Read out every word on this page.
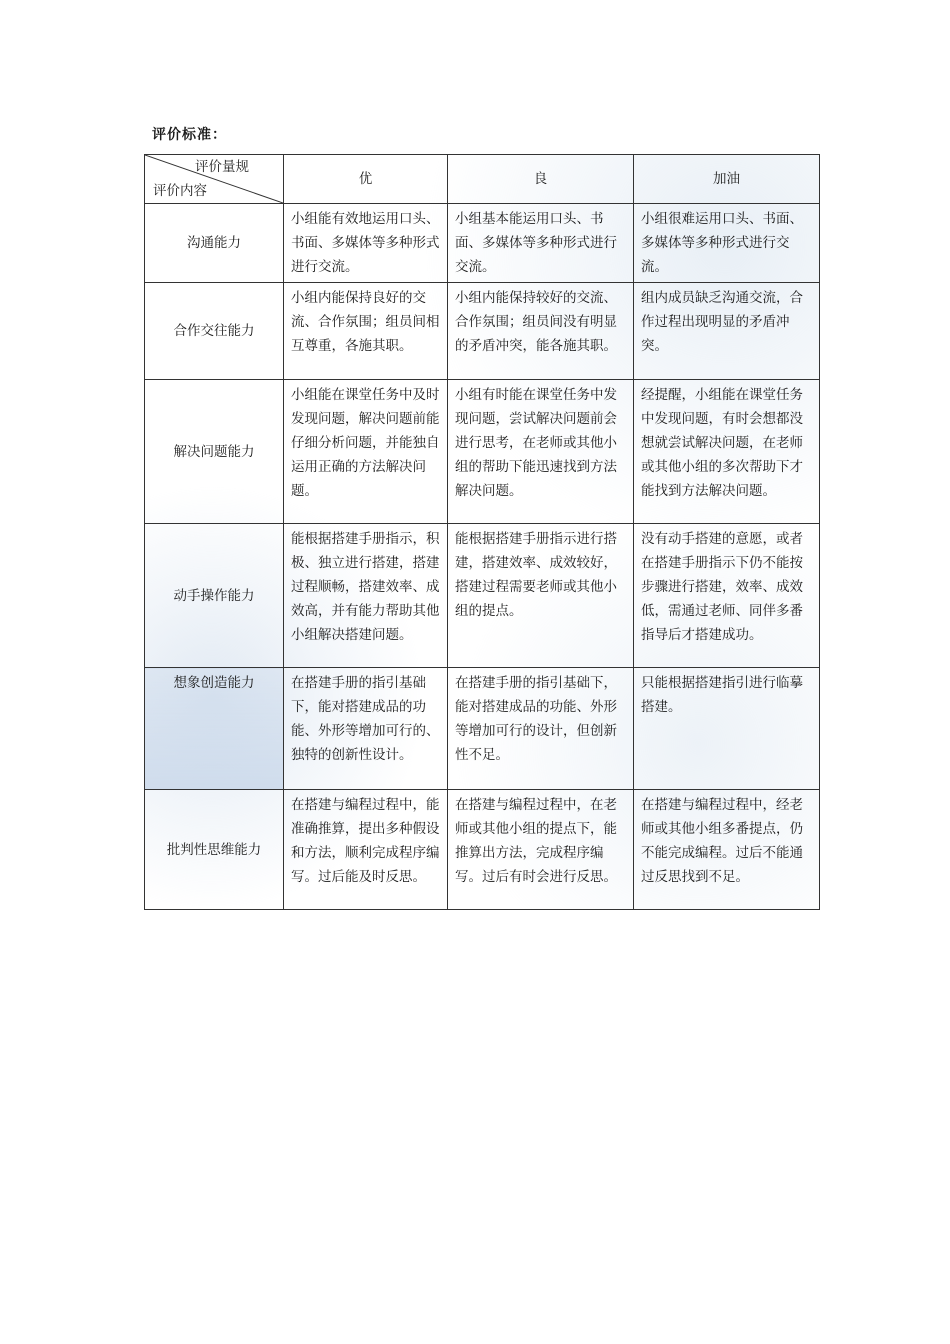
评价标准：
评价量规
评价内容	优	良	加油
沟通能力	小组能有效地运用口头、书面、多媒体等多种形式进行交流。	小组基本能运用口头、书面、多媒体等多种形式进行交流。	小组很难运用口头、书面、多媒体等多种形式进行交流。
合作交往能力	小组内能保持良好的交流、合作氛围；组员间相互尊重，各施其职。	小组内能保持较好的交流、合作氛围；组员间没有明显的矛盾冲突，能各施其职。	组内成员缺乏沟通交流，合作过程出现明显的矛盾冲突。
解决问题能力	小组能在课堂任务中及时发现问题，解决问题前能仔细分析问题，并能独自运用正确的方法解决问题。	小组有时能在课堂任务中发现问题，尝试解决问题前会进行思考，在老师或其他小组的帮助下能迅速找到方法解决问题。	经提醒，小组能在课堂任务中发现问题，有时会想都没想就尝试解决问题，在老师或其他小组的多次帮助下才能找到方法解决问题。
动手操作能力	能根据搭建手册指示，积极、独立进行搭建，搭建过程顺畅，搭建效率、成效高，并有能力帮助其他小组解决搭建问题。	能根据搭建手册指示进行搭建，搭建效率、成效较好，搭建过程需要老师或其他小组的提点。	没有动手搭建的意愿，或者在搭建手册指示下仍不能按步骤进行搭建，效率、成效低，需通过老师、同伴多番指导后才搭建成功。
想象创造能力	在搭建手册的指引基础下，能对搭建成品的功能、外形等增加可行的、独特的创新性设计。	在搭建手册的指引基础下，能对搭建成品的功能、外形等增加可行的设计，但创新性不足。	只能根据搭建指引进行临摹搭建。
批判性思维能力	在搭建与编程过程中，能准确推算，提出多种假设和方法，顺利完成程序编写。过后能及时反思。	在搭建与编程过程中，在老师或其他小组的提点下，能推算出方法，完成程序编写。过后有时会进行反思。	在搭建与编程过程中，经老师或其他小组多番提点，仍不能完成编程。过后不能通过反思找到不足。
